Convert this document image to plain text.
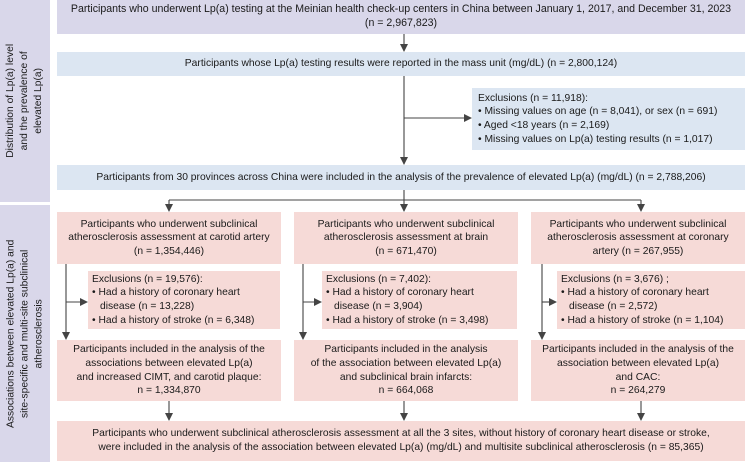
Distribution of Lp(a) level and the prevalence of elevated Lp(a)
Associations between elevated Lp(a) and site-specific and multi-site subclinical atherosclerosis
Participants who underwent Lp(a) testing at the Meinian health check-up centers in China between January 1, 2017, and December 31, 2023
(n = 2,967,823)
Participants whose Lp(a) testing results were reported in the mass unit (mg/dL) (n = 2,800,124)
Exclusions (n = 11,918):
• Missing values on age (n = 8,041), or sex (n = 691)
• Aged <18 years (n = 2,169)
• Missing values on Lp(a) testing results (n = 1,017)
Participants from 30 provinces across China were included in the analysis of the prevalence of elevated Lp(a) (mg/dL) (n = 2,788,206)
Participants who underwent subclinical
atherosclerosis assessment at carotid artery
(n = 1,354,446)
Exclusions (n = 19,576):
• Had a history of coronary heart
disease (n = 13,228)
• Had a history of stroke (n = 6,348)
Participants included in the analysis of the
associations between elevated Lp(a)
and increased CIMT, and carotid plaque:
n = 1,334,870
Participants who underwent subclinical
atherosclerosis assessment at brain
(n = 671,470)
Exclusions (n = 7,402):
• Had a history of coronary heart
disease (n = 3,904)
• Had a history of stroke (n = 3,498)
Participants included in the analysis
of the association between elevated Lp(a)
and subclinical brain infarcts:
n = 664,068
Participants who underwent subclinical
atherosclerosis assessment at coronary
artery (n = 267,955)
Exclusions (n = 3,676) ;
• Had a history of coronary heart
disease (n = 2,572)
• Had a history of stroke (n = 1,104)
Participants included in the analysis of the
association between elevated Lp(a)
and CAC:
n = 264,279
Participants who underwent subclinical atherosclerosis assessment at all the 3 sites, without history of coronary heart disease or stroke,
were included in the analysis of the association between elevated Lp(a) (mg/dL) and multisite subclinical atherosclerosis (n = 85,365)
